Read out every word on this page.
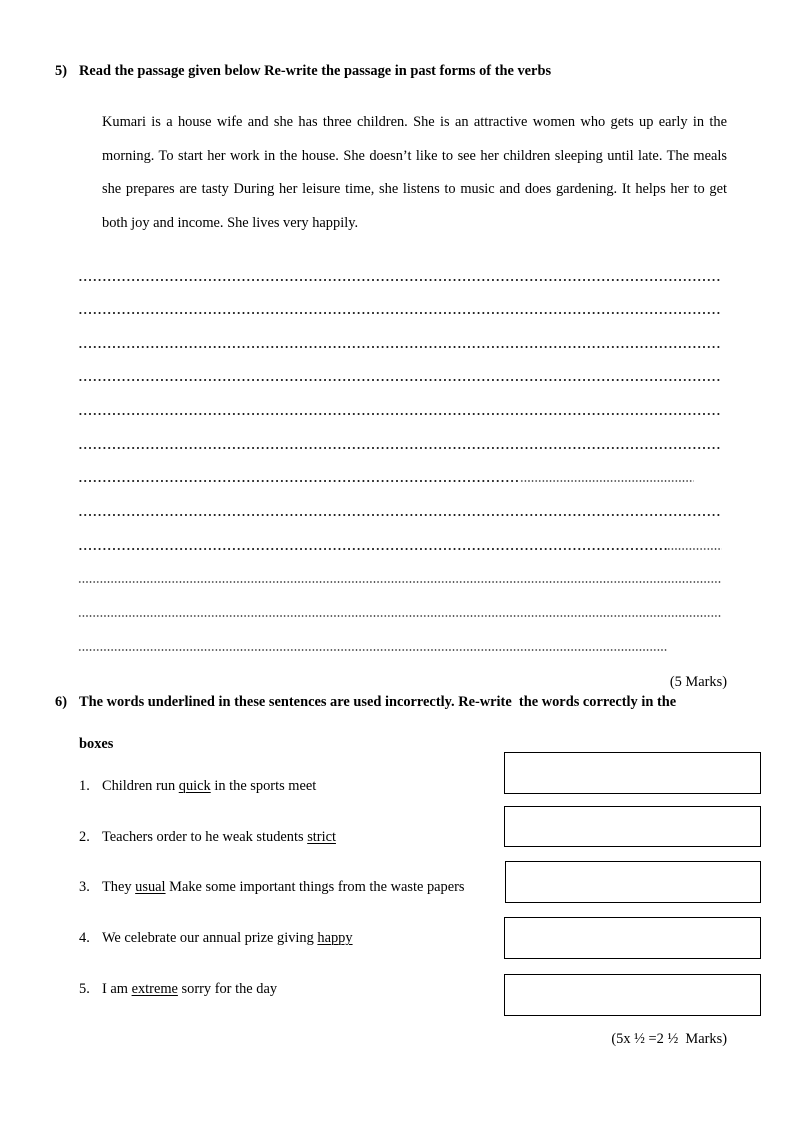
5) Read the passage given below Re-write the passage in past forms of the verbs
Kumari is a house wife and she has three children. She is an attractive women who gets up early in the
morning. To start her work in the house. She doesn’t like to see her children sleeping until late. The meals
she prepares are tasty During her leisure time, she listens to music and does gardening. It helps her to get
both joy and income. She lives very happily.
(5 Marks)
6) The words underlined in these sentences are used incorrectly. Re-write  the words correctly in the
boxes
1. Children run quick in the sports meet
2. Teachers order to he weak students strict
3. They usual Make some important things from the waste papers
4. We celebrate our annual prize giving happy
5. I am extreme sorry for the day
(5x ½ =2 ½  Marks)
